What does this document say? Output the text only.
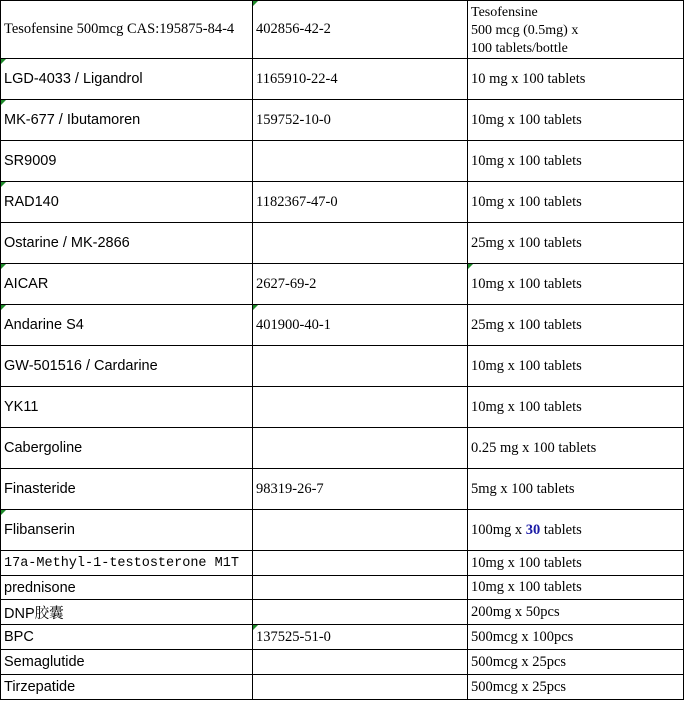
Tesofensine 500mcg CAS:195875-84-4	402856-42-2	Tesofensine
500 mcg (0.5mg) x
100 tablets/bottle

LGD-4033 / Ligandrol	1165910-22-4	10 mg x 100 tablets
MK-677 / Ibutamoren	159752-10-0	10mg x 100 tablets
SR9009		10mg x 100 tablets
RAD140	1182367-47-0	10mg x 100 tablets
Ostarine / MK-2866		25mg x 100 tablets
AICAR	2627-69-2	10mg x 100 tablets
Andarine S4	401900-40-1	25mg x 100 tablets
GW-501516 / Cardarine		10mg x 100 tablets
YK11		10mg x 100 tablets
Cabergoline		0.25 mg x 100 tablets
Finasteride	98319-26-7	5mg x 100 tablets
Flibanserin		100mg x 30 tablets
17a-Methyl-1-testosterone M1T		10mg x 100 tablets
prednisone		10mg x 100 tablets
DNP胶囊		200mg x 50pcs
BPC	137525-51-0	500mcg x 100pcs
Semaglutide		500mcg x 25pcs
Tirzepatide		500mcg x 25pcs
